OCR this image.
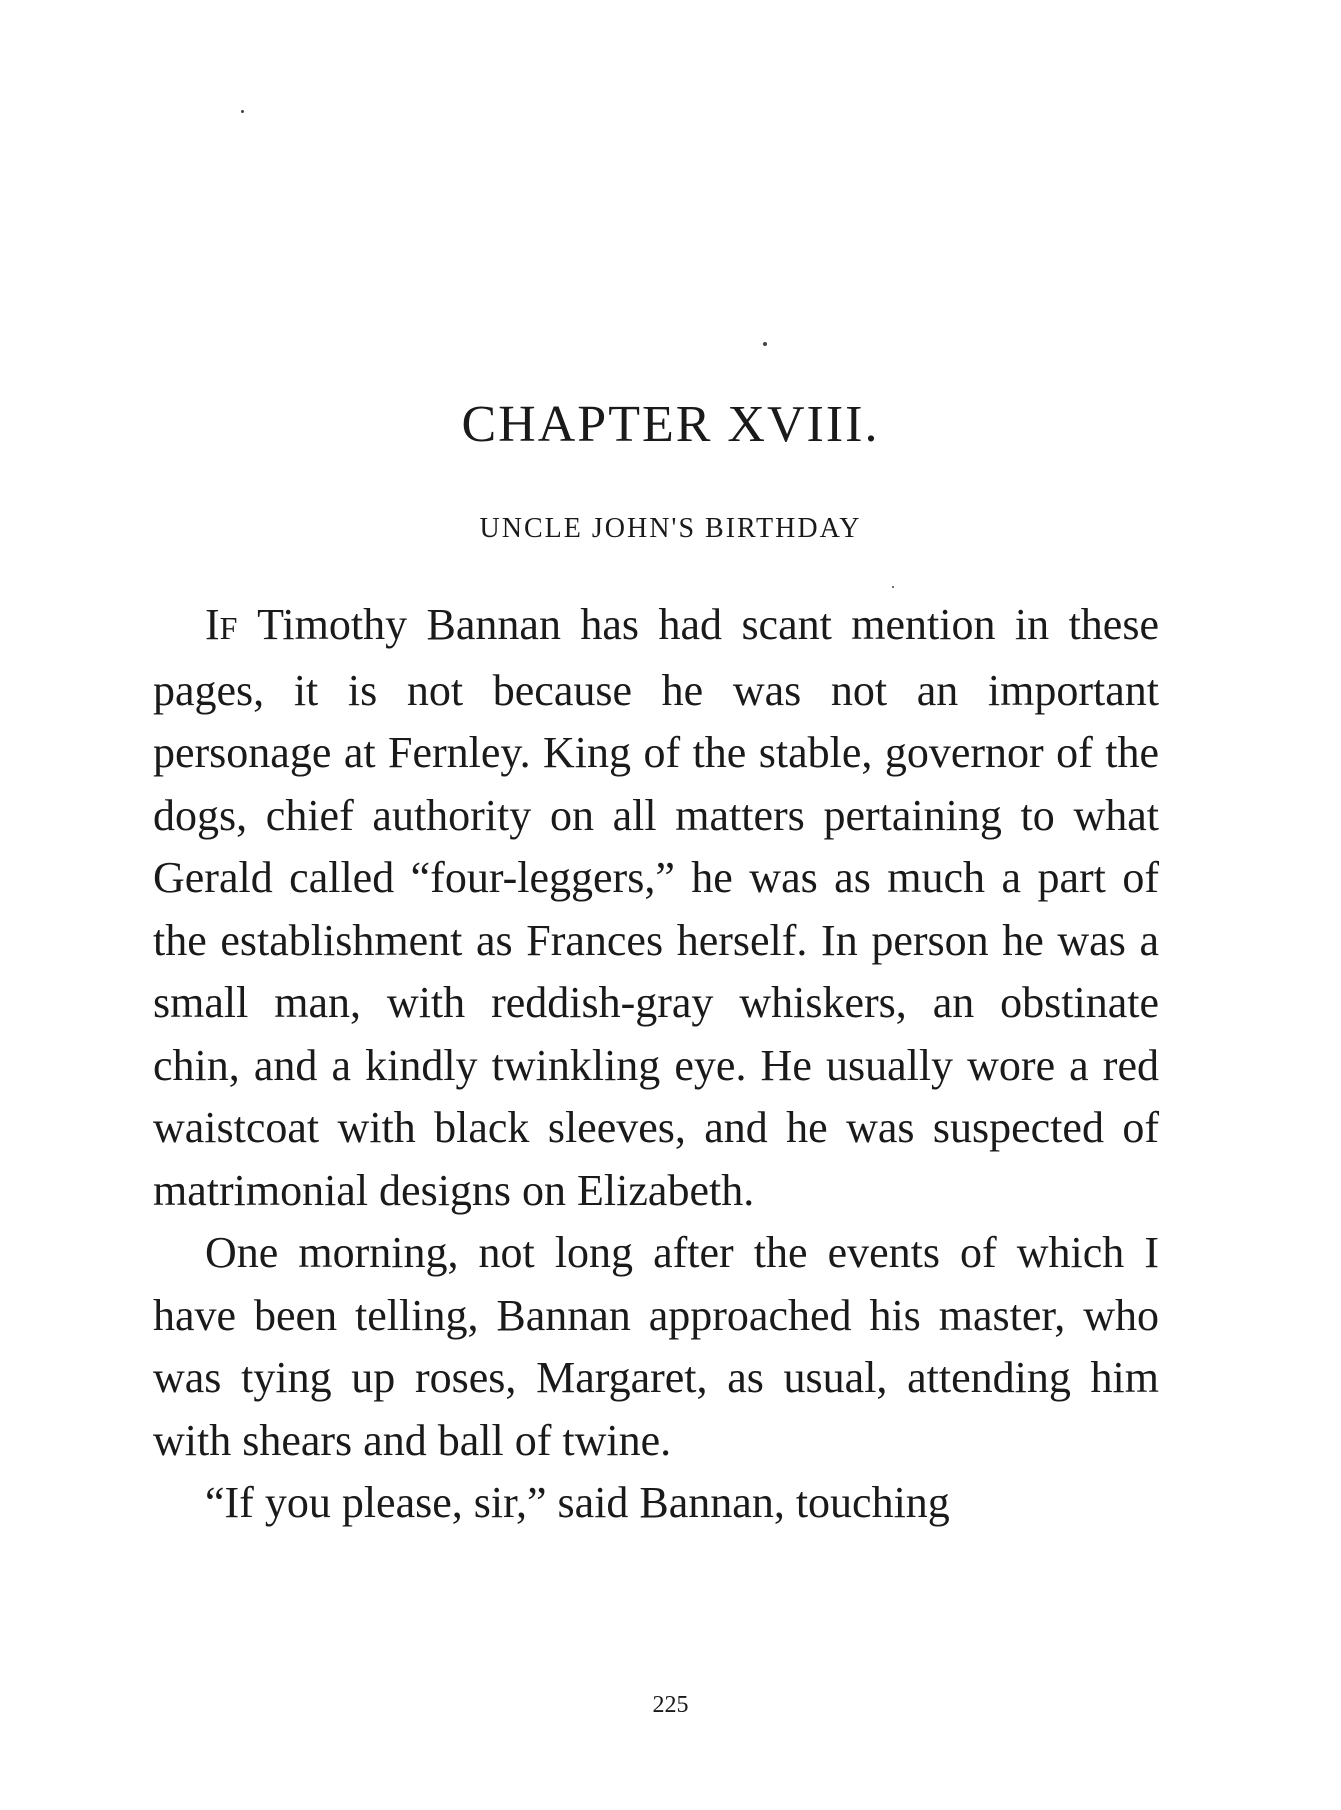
CHAPTER XVIII.
UNCLE JOHN'S BIRTHDAY

IF Timothy Bannan has had scant mention in these pages, it is not because he was not an important personage at Fernley. King of the stable, governor of the dogs, chief authority on all matters pertaining to what Gerald called “four-leggers,” he was as much a part of the establishment as Frances herself. In person he was a small man, with reddish-gray whiskers, an obstinate chin, and a kindly twinkling eye. He usually wore a red waistcoat with black sleeves, and he was suspected of matrimonial designs on Elizabeth.

One morning, not long after the events of which I have been telling, Bannan approached his master, who was tying up roses, Margaret, as usual, attending him with shears and ball of twine.

“If you please, sir,” said Bannan, touching

225
